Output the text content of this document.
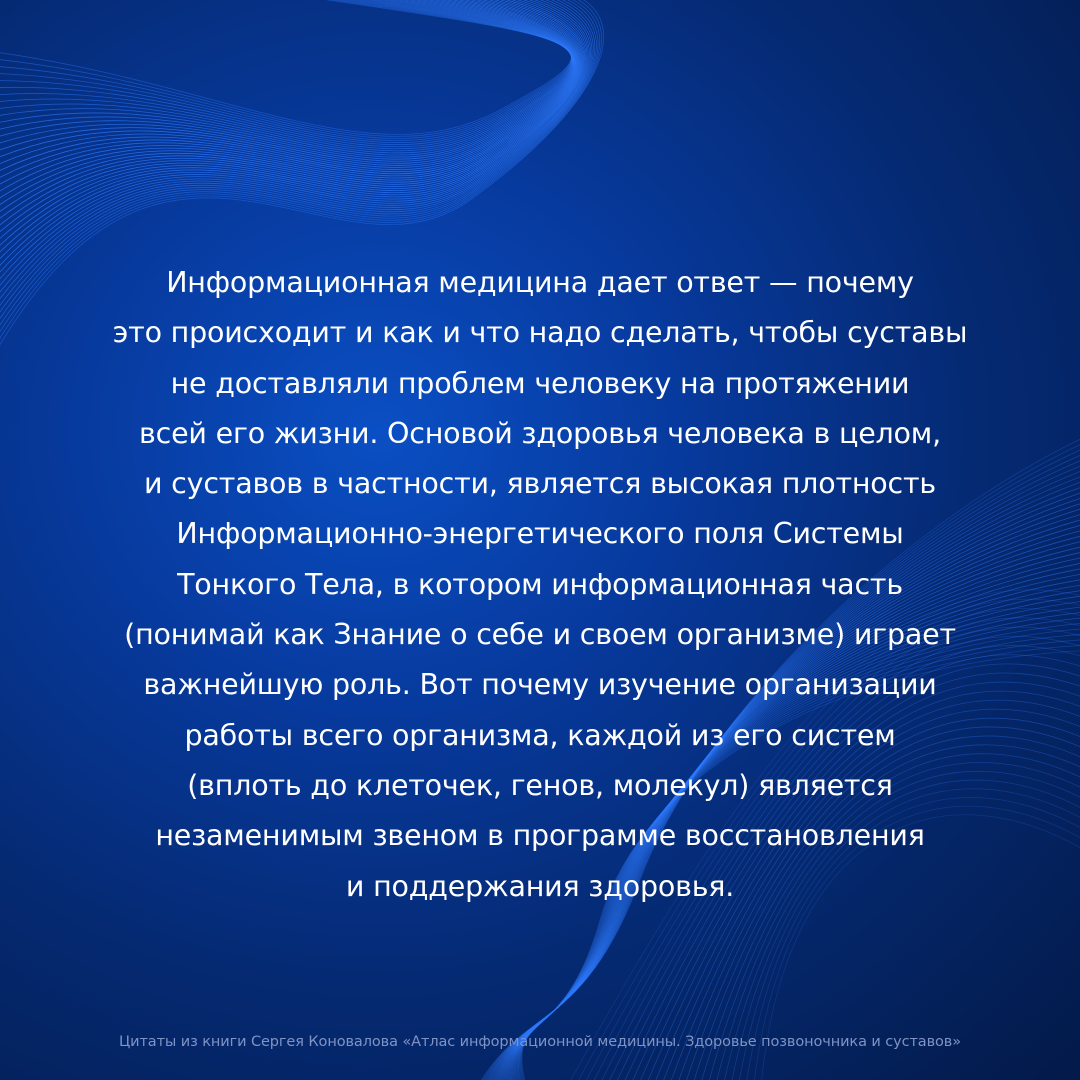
Информационная медицина дает ответ — почему
это происходит и как и что надо сделать, чтобы суставы
не доставляли проблем человеку на протяжении
всей его жизни. Основой здоровья человека в целом,
и суставов в частности, является высокая плотность
Информационно-энергетического поля Системы
Тонкого Тела, в котором информационная часть
(понимай как Знание о себе и своем организме) играет
важнейшую роль. Вот почему изучение организации
работы всего организма, каждой из его систем
(вплоть до клеточек, генов, молекул) является
незаменимым звеном в программе восстановления
и поддержания здоровья.

Цитаты из книги Сергея Коновалова «Атлас информационной медицины. Здоровье позвоночника и суставов»
